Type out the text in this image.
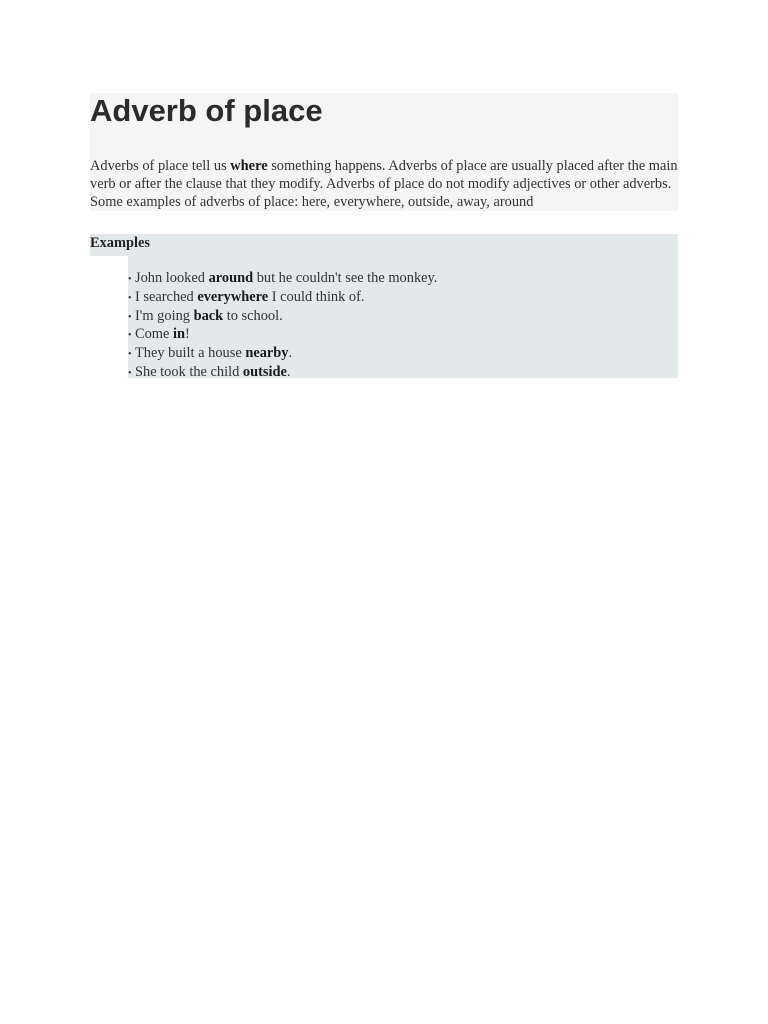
Adverb of place

Adverbs of place tell us where something happens. Adverbs of place are usually placed after the main verb or after the clause that they modify. Adverbs of place do not modify adjectives or other adverbs. Some examples of adverbs of place: here, everywhere, outside, away, around

Examples

• John looked around but he couldn't see the monkey.
• I searched everywhere I could think of.
• I'm going back to school.
• Come in!
• They built a house nearby.
• She took the child outside.
